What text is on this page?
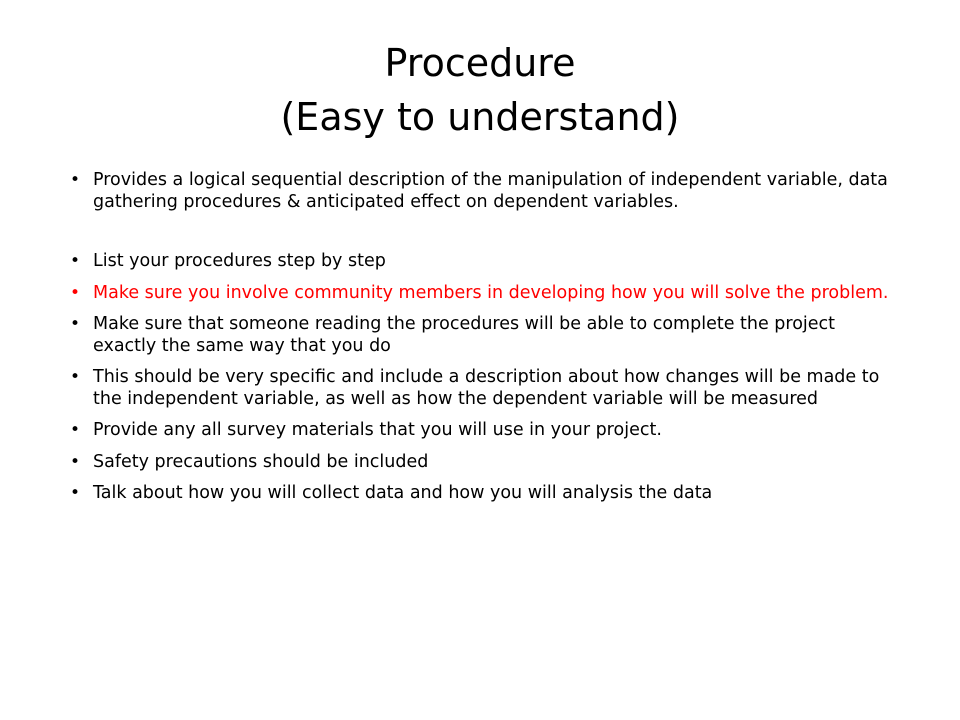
Procedure
(Easy to understand)
• Provides a logical sequential description of the manipulation of independent variable, data gathering procedures & anticipated effect on dependent variables.
• List your procedures step by step
• Make sure you involve community members in developing how you will solve the problem.
• Make sure that someone reading the procedures will be able to complete the project exactly the same way that you do
• This should be very specific and include a description about how changes will be made to the independent variable, as well as how the dependent variable will be measured
• Provide any all survey materials that you will use in your project.
• Safety precautions should be included
• Talk about how you will collect data and how you will analysis the data
